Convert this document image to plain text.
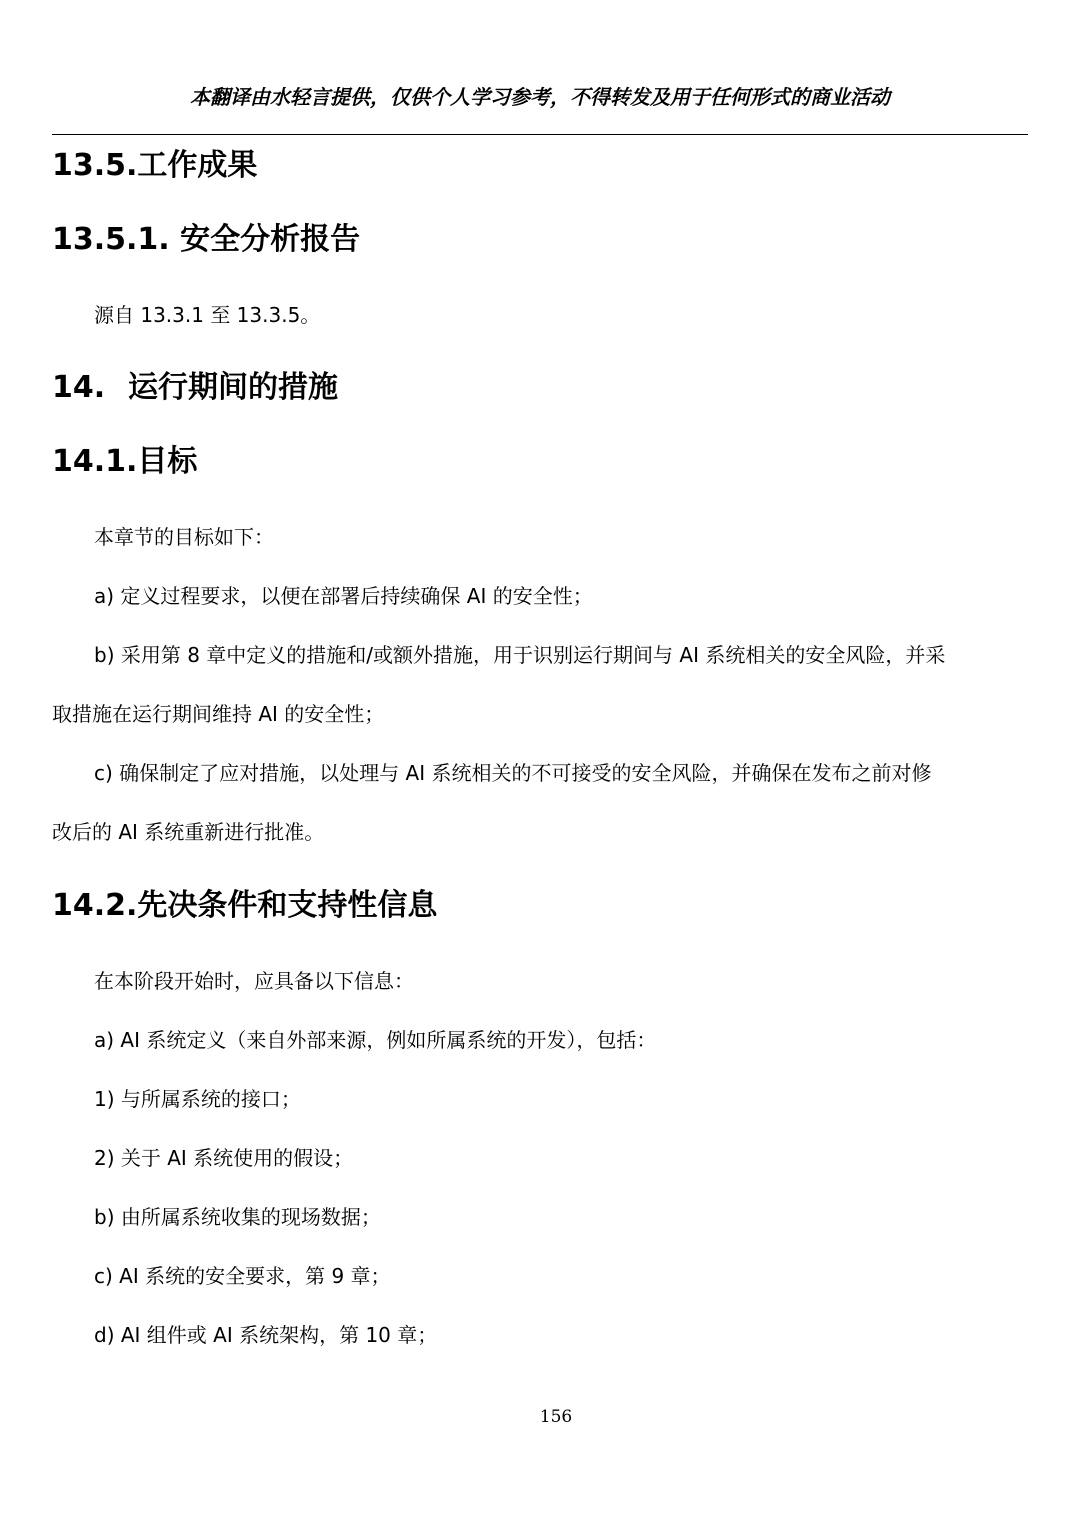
本翻译由水轻言提供，仅供个人学习参考，不得转发及用于任何形式的商业活动
13.5.工作成果
13.5.1. 安全分析报告

源自 13.3.1 至 13.3.5。

14. 运行期间的措施
14.1.目标

本章节的目标如下：

a) 定义过程要求，以便在部署后持续确保 AI 的安全性；

b) 采用第 8 章中定义的措施和/或额外措施，用于识别运行期间与 AI 系统相关的安全风险，并采

取措施在运行期间维持 AI 的安全性；

c) 确保制定了应对措施，以处理与 AI 系统相关的不可接受的安全风险，并确保在发布之前对修

改后的 AI 系统重新进行批准。

14.2.先决条件和支持性信息

在本阶段开始时，应具备以下信息：

a) AI 系统定义（来自外部来源，例如所属系统的开发），包括：

1) 与所属系统的接口；

2) 关于 AI 系统使用的假设；

b) 由所属系统收集的现场数据；

c) AI 系统的安全要求，第 9 章；

d) AI 组件或 AI 系统架构，第 10 章；

156
